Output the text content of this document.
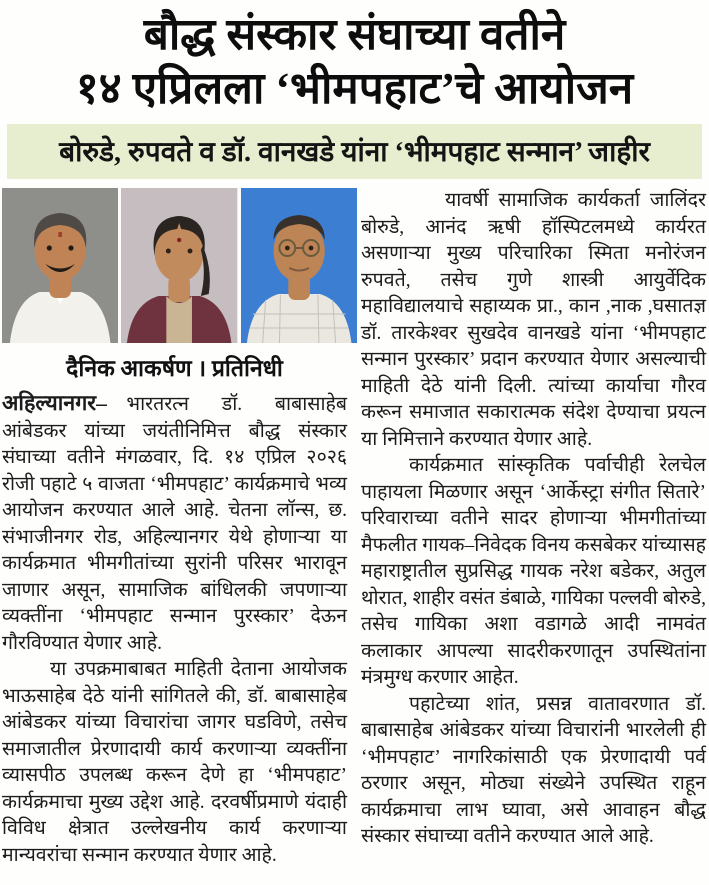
बौद्ध संस्कार संघाच्या वतीने
१४ एप्रिलला ‘भीमपहाट’चे आयोजन
बोरुडे, रुपवते व डॉ. वानखडे यांना ‘भीमपहाट सन्मान’ जाहीर
दैनिक आकर्षण । प्रतिनिधी

अहिल्यानगर–  भारतरत्न डॉ. बाबासाहेब आंबेडकर यांच्या जयंतीनिमित्त बौद्ध संस्कार संघाच्या वतीने मंगळवार, दि. १४ एप्रिल २०२६ रोजी पहाटे ५ वाजता ‘भीमपहाट’ कार्यक्रमाचे भव्य आयोजन करण्यात आले आहे. चेतना लॉन्स, छ. संभाजीनगर रोड, अहिल्यानगर येथे होणाऱ्या या कार्यक्रमात भीमगीतांच्या सुरांनी परिसर भारावून जाणार असून, सामाजिक बांधिलकी जपणाऱ्या व्यक्तींना ‘भीमपहाट सन्मान पुरस्कार’ देऊन गौरविण्यात येणार आहे.

या उपक्रमाबाबत माहिती देताना आयोजक भाऊसाहेब देठे यांनी सांगितले की, डॉ. बाबासाहेब आंबेडकर यांच्या विचारांचा जागर घडविणे, तसेच समाजातील प्रेरणादायी कार्य करणाऱ्या व्यक्तींना व्यासपीठ उपलब्ध करून देणे हा ‘भीमपहाट’ कार्यक्रमाचा मुख्य उद्देश आहे. दरवर्षीप्रमाणे यंदाही विविध क्षेत्रात उल्लेखनीय कार्य करणाऱ्या मान्यवरांचा सन्मान करण्यात येणार आहे.

यावर्षी सामाजिक कार्यकर्ता जालिंदर बोरुडे, आनंद ऋषी हॉस्पिटलमध्ये कार्यरत असणाऱ्या मुख्य परिचारिका स्मिता मनोरंजन रुपवते, तसेच गुणे शास्त्री आयुर्वेदिक महाविद्यालयाचे सहाय्यक प्रा., कान ,नाक ,घसातज्ञ डॉ. तारकेश्वर सुखदेव वानखडे यांना ‘भीमपहाट सन्मान पुरस्कार’ प्रदान करण्यात येणार असल्याची माहिती देठे यांनी दिली. त्यांच्या कार्याचा गौरव करून समाजात सकारात्मक संदेश देण्याचा प्रयत्न या निमित्ताने करण्यात येणार आहे.

कार्यक्रमात सांस्कृतिक पर्वाचीही रेलचेल पाहायला मिळणार असून ‘आर्केस्ट्रा संगीत सितारे’ परिवाराच्या वतीने सादर होणाऱ्या भीमगीतांच्या मैफलीत गायक–निवेदक विनय कसबेकर यांच्यासह महाराष्ट्रातील सुप्रसिद्ध गायक नरेश बडेकर, अतुल थोरात, शाहीर वसंत डंबाळे, गायिका पल्लवी बोरुडे, तसेच गायिका अशा वडागळे आदी नामवंत कलाकार आपल्या सादरीकरणातून उपस्थितांना मंत्रमुग्ध करणार आहेत.

पहाटेच्या शांत, प्रसन्न वातावरणात डॉ. बाबासाहेब आंबेडकर यांच्या विचारांनी भारलेली ही ‘भीमपहाट’ नागरिकांसाठी एक प्रेरणादायी पर्व ठरणार असून, मोठ्या संख्येने उपस्थित राहून कार्यक्रमाचा लाभ घ्यावा, असे आवाहन बौद्ध संस्कार संघाच्या वतीने करण्यात आले आहे.
